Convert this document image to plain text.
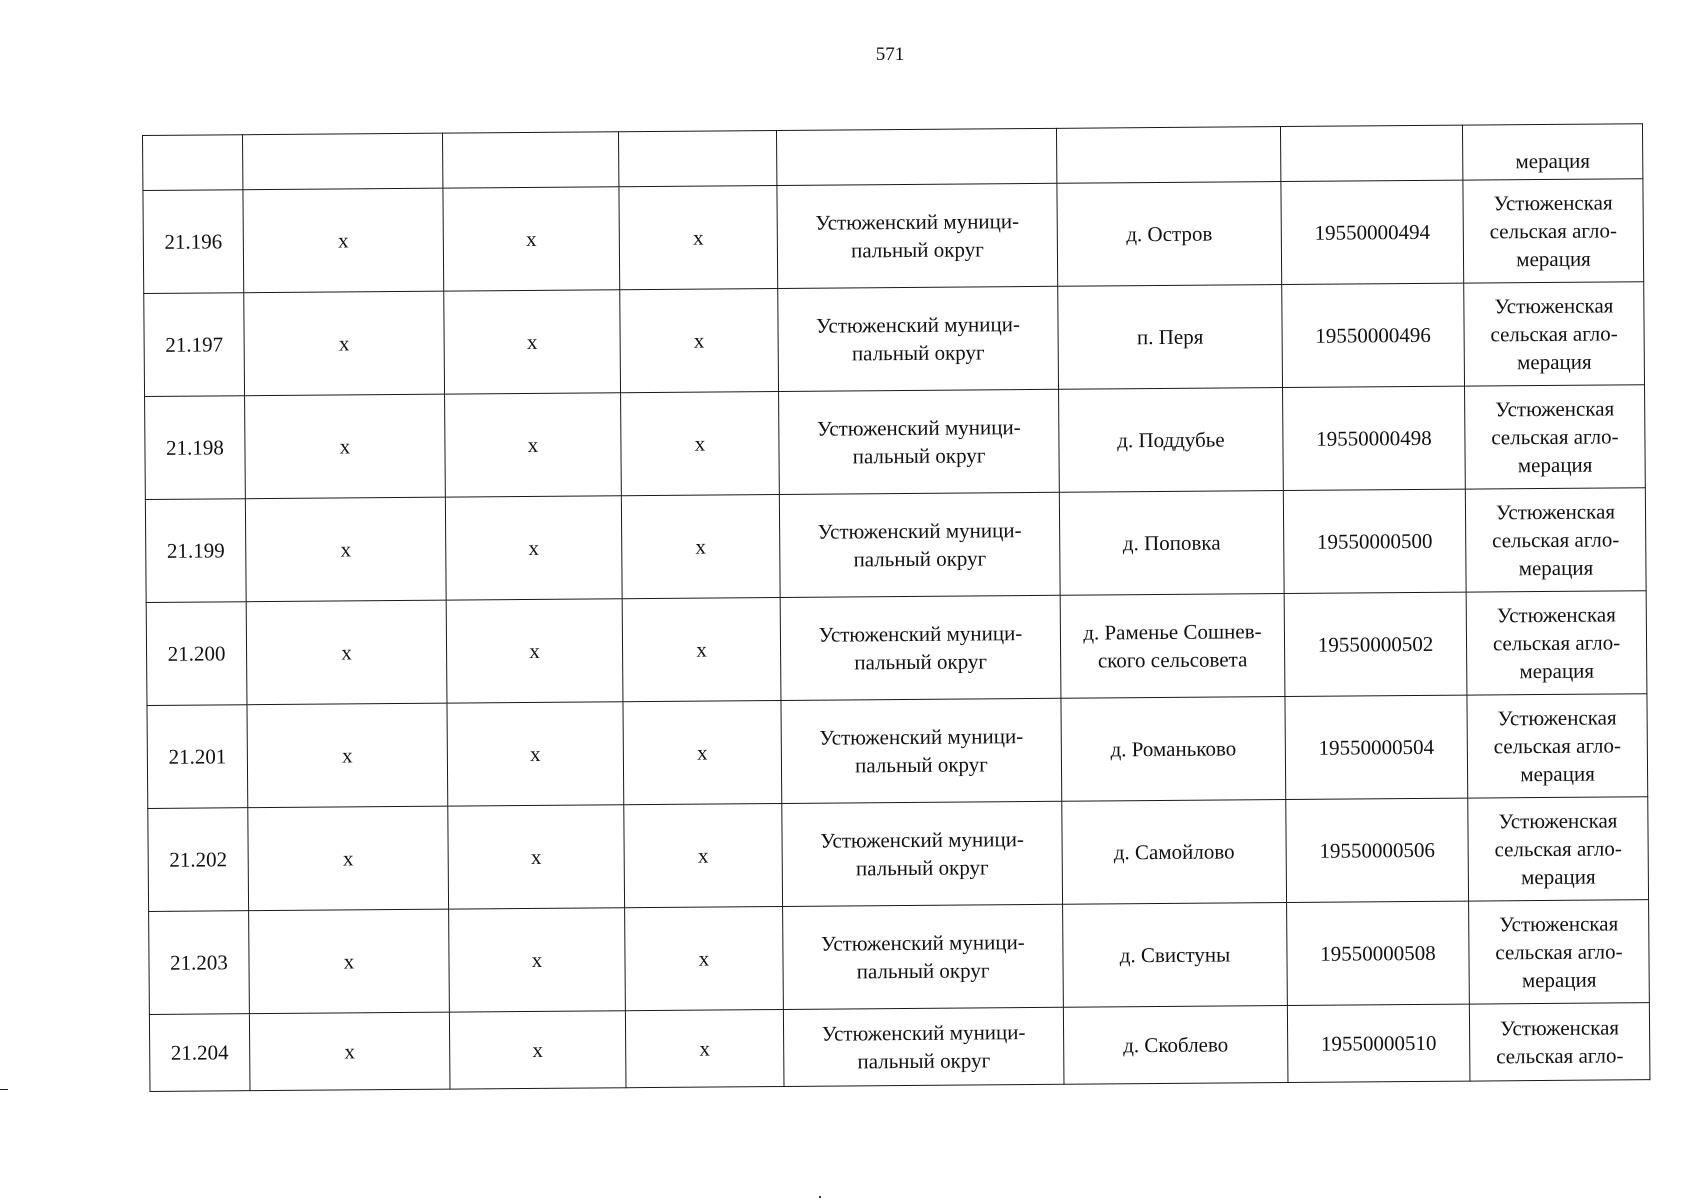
571
							мерация
21.196	х	х	х	Устюженский муници-
пальный округ	д. Остров	19550000494	Устюженская
сельская агло-
мерация
21.197	х	х	х	Устюженский муници-
пальный округ	п. Перя	19550000496	Устюженская
сельская агло-
мерация
21.198	х	х	х	Устюженский муници-
пальный округ	д. Поддубье	19550000498	Устюженская
сельская агло-
мерация
21.199	х	х	х	Устюженский муници-
пальный округ	д. Поповка	19550000500	Устюженская
сельская агло-
мерация
21.200	х	х	х	Устюженский муници-
пальный округ	д. Раменье Сошнев-
ского сельсовета	19550000502	Устюженская
сельская агло-
мерация
21.201	х	х	х	Устюженский муници-
пальный округ	д. Романьково	19550000504	Устюженская
сельская агло-
мерация
21.202	х	х	х	Устюженский муници-
пальный округ	д. Самойлово	19550000506	Устюженская
сельская агло-
мерация
21.203	х	х	х	Устюженский муници-
пальный округ	д. Свистуны	19550000508	Устюженская
сельская агло-
мерация
21.204	х	х	х	Устюженский муници-
пальный округ	д. Скоблево	19550000510	Устюженская
сельская агло-
